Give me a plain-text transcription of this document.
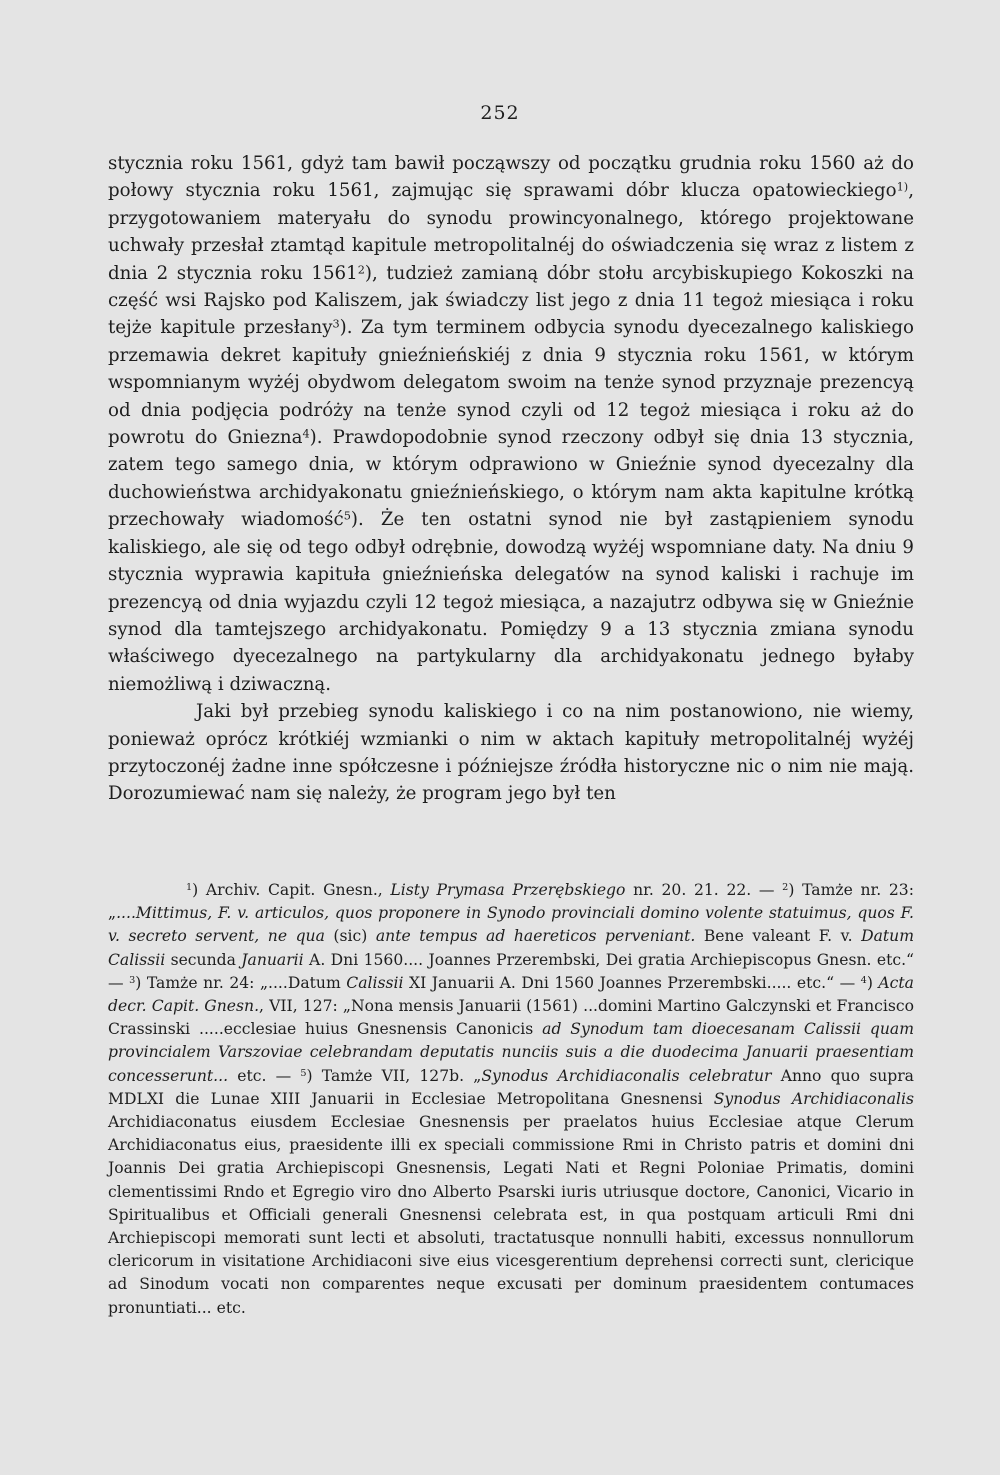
252

stycznia roku 1561, gdyż tam bawił począwszy od początku grudnia roku 1560 aż do połowy stycznia roku 1561, zajmując się sprawami dóbr klucza opatowieckiego$^{1)}$, przygotowaniem materyału do synodu prowincyonalnego, którego projektowane uchwały przesłał ztamtąd kapitule metropolitalnéj do oświadczenia się wraz z listem z dnia 2 stycznia roku 1561$^2$), tudzież zamianą dóbr stołu arcybiskupiego Kokoszki na część wsi Rajsko pod Kaliszem, jak świadczy list jego z dnia 11 tegoż miesiąca i roku tejże kapitule przesłany$^3$). Za tym terminem odbycia synodu dyecezalnego kaliskiego przemawia dekret kapituły gnieźnieńskiéj z dnia 9 stycznia roku 1561, w którym wspomnianym wyżéj obydwom delegatom swoim na tenże synod przyznaje prezencyą od dnia podjęcia podróży na tenże synod czyli od 12 tegoż miesiąca i roku aż do powrotu do Gniezna$^4$). Prawdopodobnie synod rzeczony odbył się dnia 13 stycznia, zatem tego samego dnia, w którym odprawiono w Gnieźnie synod dyecezalny dla duchowieństwa archidyakonatu gnieźnieńskiego, o którym nam akta kapitulne krótką przechowały wiadomość$^5$). Że ten ostatni synod nie był zastąpieniem synodu kaliskiego, ale się od tego odbył odrębnie, dowodzą wyżéj wspomniane daty. Na dniu 9 stycznia wyprawia kapituła gnieźnieńska delegatów na synod kaliski i rachuje im prezencyą od dnia wyjazdu czyli 12 tegoż miesiąca, a nazajutrz odbywa się w Gnieźnie synod dla tamtejszego archidyakonatu. Pomiędzy 9 a 13 stycznia zmiana synodu właściwego dyecezalnego na partykularny dla archidyakonatu jednego byłaby niemożliwą i dziwaczną.

Jaki był przebieg synodu kaliskiego i co na nim postanowiono, nie wiemy, ponieważ oprócz krótkiéj wzmianki o nim w aktach kapituły metropolitalnéj wyżéj przytoczonéj żadne inne spółczesne i późniejsze źródła historyczne nic o nim nie mają. Dorozumiewać nam się należy, że program jego był ten

$^1$) Archiv. Capit. Gnesn., Listy Prymasa Przerębskiego nr. 20. 21. 22. — $^2$) Tamże nr. 23: „....Mittimus, F. v. articulos, quos proponere in Synodo provinciali domino volente statuimus, quos F. v. secreto servent, ne qua (sic) ante tempus ad haereticos perveniant. Bene valeant F. v. Datum Calissii secunda Januarii A. Dni 1560.... Joannes Przerembski, Dei gratia Archiepiscopus Gnesn. etc.“ — $^3$) Tamże nr. 24: „....Datum Calissii XI Januarii A. Dni 1560 Joannes Przerembski..... etc.“ — $^4$) Acta decr. Capit. Gnesn., VII, 127: „Nona mensis Januarii (1561) ...domini Martino Galczynski et Francisco Crassinski .....ecclesiae huius Gnesnensis Canonicis ad Synodum tam dioecesanam Calissii quam provincialem Varszoviae celebrandam deputatis nunciis suis a die duodecima Januarii praesentiam concesserunt... etc. — $^5$) Tamże VII, 127b. „Synodus Archidiaconalis celebratur Anno quo supra MDLXI die Lunae XIII Januarii in Ecclesiae Metropolitana Gnesnensi Synodus Archidiaconalis Archidiaconatus eiusdem Ecclesiae Gnesnensis per praelatos huius Ecclesiae atque Clerum Archidiaconatus eius, praesidente illi ex speciali commissione Rmi in Christo patris et domini dni Joannis Dei gratia Archiepiscopi Gnesnensis, Legati Nati et Regni Poloniae Primatis, domini clementissimi Rndo et Egregio viro dno Alberto Psarski iuris utriusque doctore, Canonici, Vicario in Spiritualibus et Officiali generali Gnesnensi celebrata est, in qua postquam articuli Rmi dni Archiepiscopi memorati sunt lecti et absoluti, tractatusque nonnulli habiti, excessus nonnullorum clericorum in visitatione Archidiaconi sive eius vicesgerentium deprehensi correcti sunt, clericique ad Sinodum vocati non comparentes neque excusati per dominum praesidentem contumaces pronuntiati... etc.
